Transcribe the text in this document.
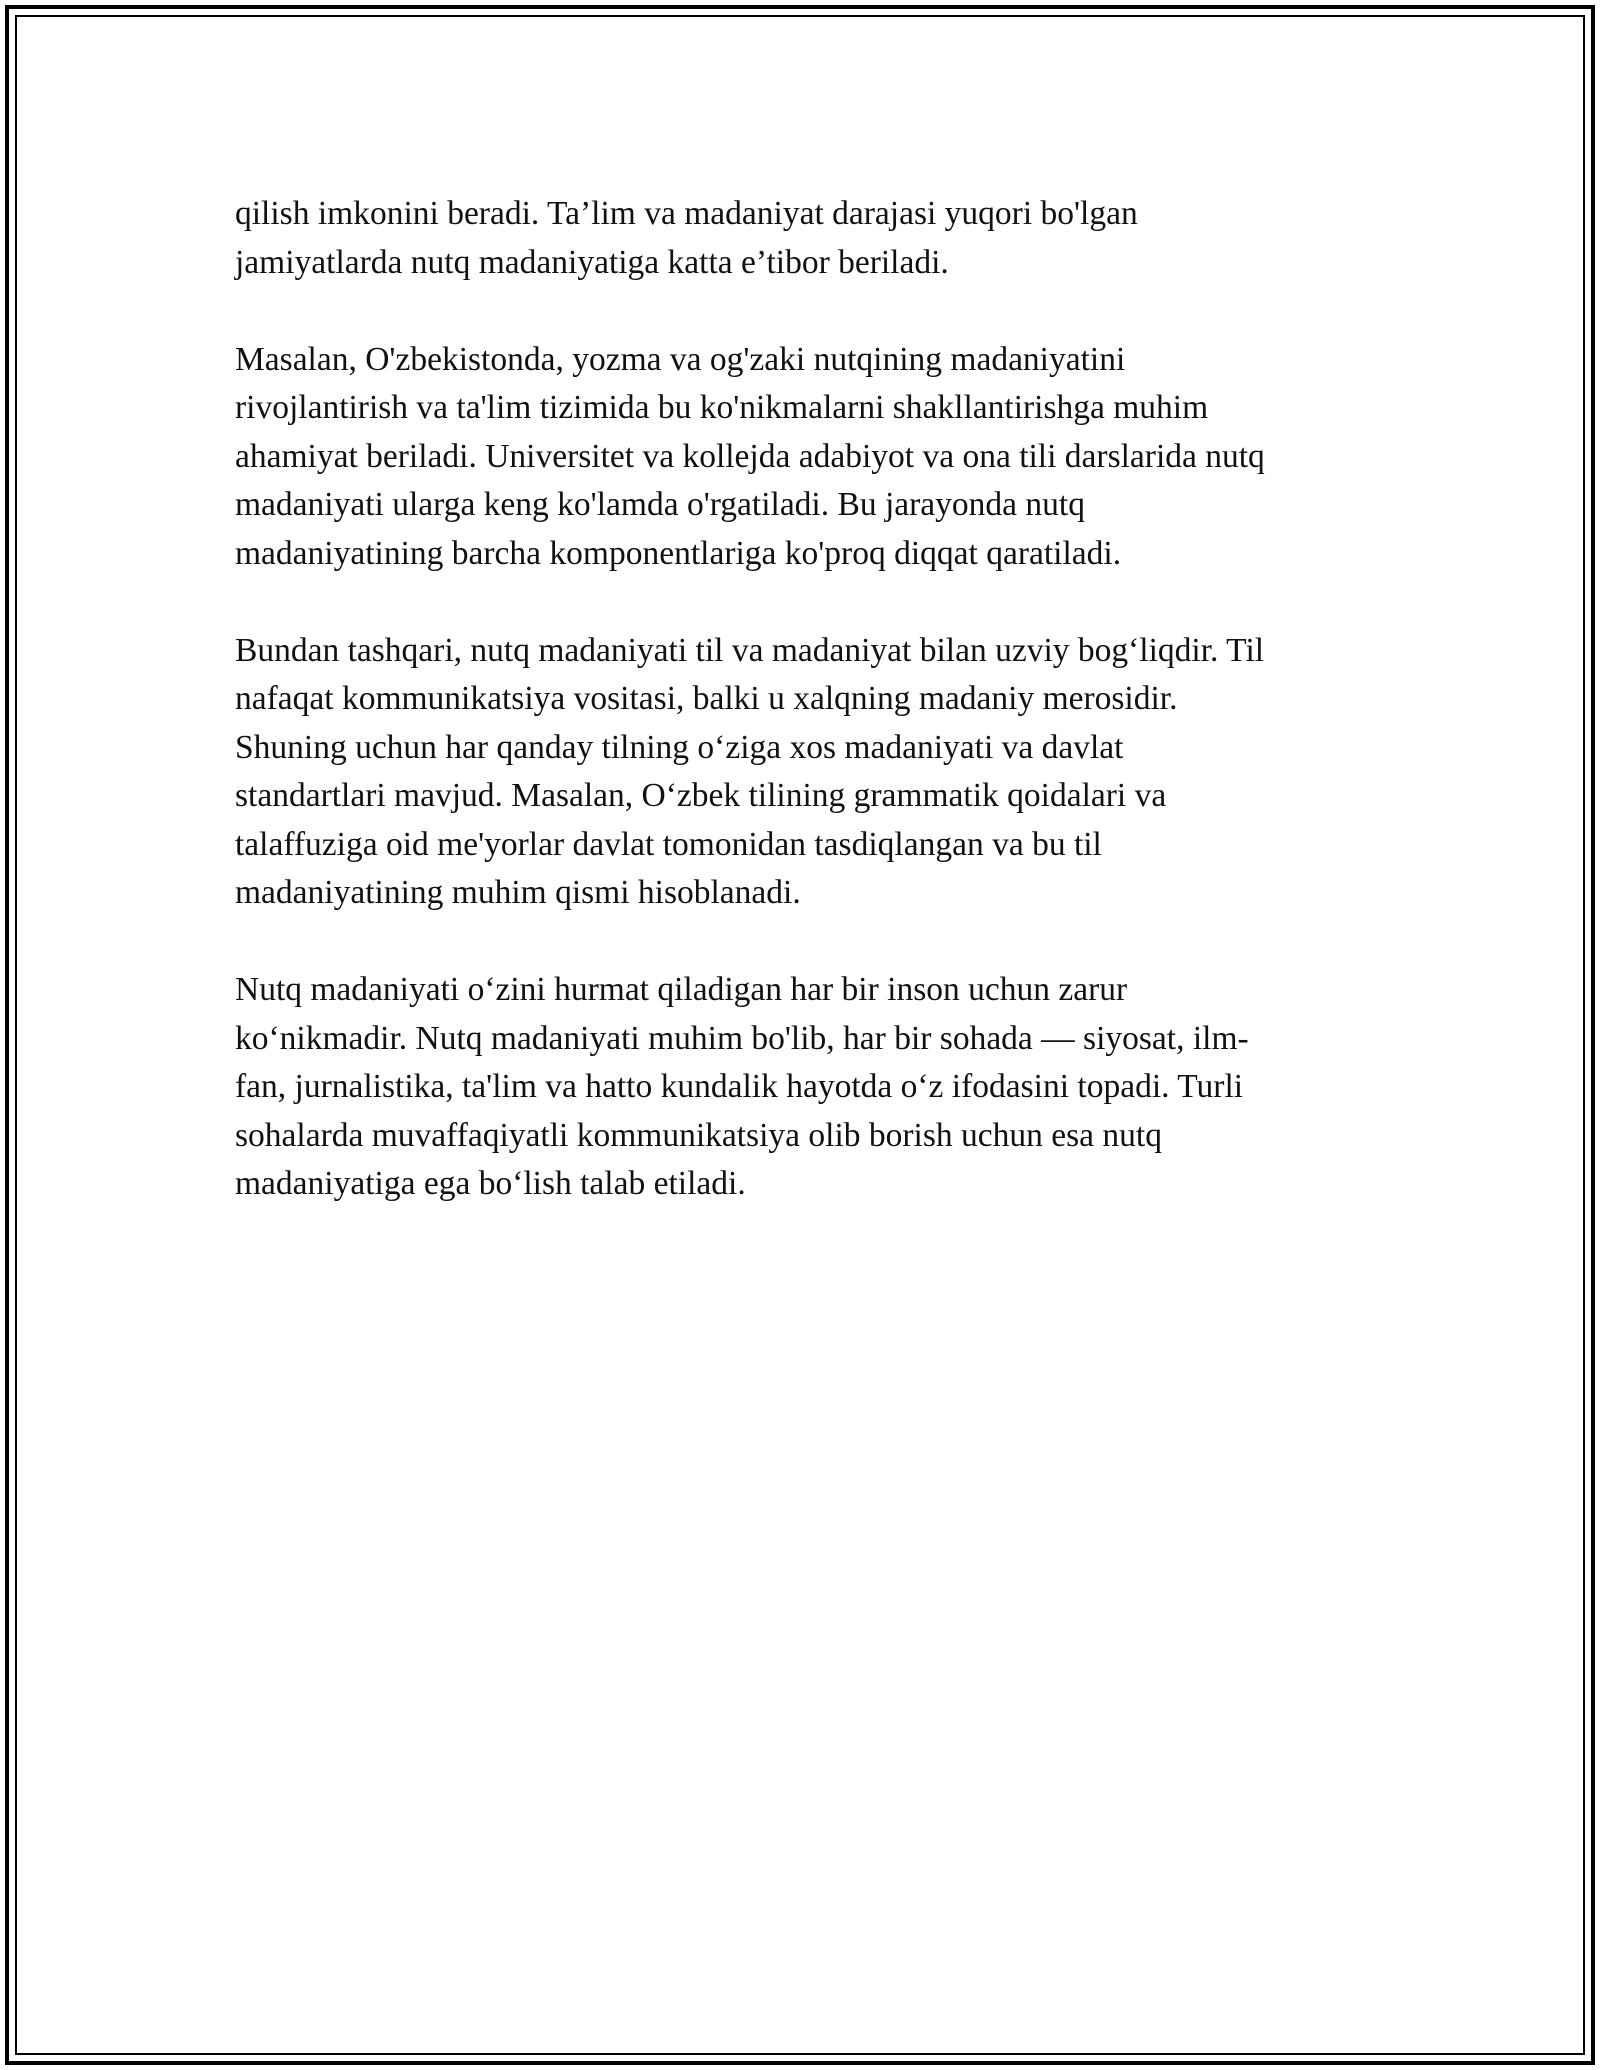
qilish imkonini beradi. Ta’lim va madaniyat darajasi yuqori bo'lgan
jamiyatlarda nutq madaniyatiga katta e’tibor beriladi.

Masalan, O'zbekistonda, yozma va og'zaki nutqining madaniyatini
rivojlantirish va ta'lim tizimida bu ko'nikmalarni shakllantirishga muhim
ahamiyat beriladi. Universitet va kollejda adabiyot va ona tili darslarida nutq
madaniyati ularga keng ko'lamda o'rgatiladi. Bu jarayonda nutq
madaniyatining barcha komponentlariga ko'proq diqqat qaratiladi.

Bundan tashqari, nutq madaniyati til va madaniyat bilan uzviy bog‘liqdir. Til
nafaqat kommunikatsiya vositasi, balki u xalqning madaniy merosidir.
Shuning uchun har qanday tilning o‘ziga xos madaniyati va davlat
standartlari mavjud. Masalan, O‘zbek tilining grammatik qoidalari va
talaffuziga oid me'yorlar davlat tomonidan tasdiqlangan va bu til
madaniyatining muhim qismi hisoblanadi.

Nutq madaniyati o‘zini hurmat qiladigan har bir inson uchun zarur
ko‘nikmadir. Nutq madaniyati muhim bo'lib, har bir sohada — siyosat, ilm-
fan, jurnalistika, ta'lim va hatto kundalik hayotda o‘z ifodasini topadi. Turli
sohalarda muvaffaqiyatli kommunikatsiya olib borish uchun esa nutq
madaniyatiga ega bo‘lish talab etiladi.
